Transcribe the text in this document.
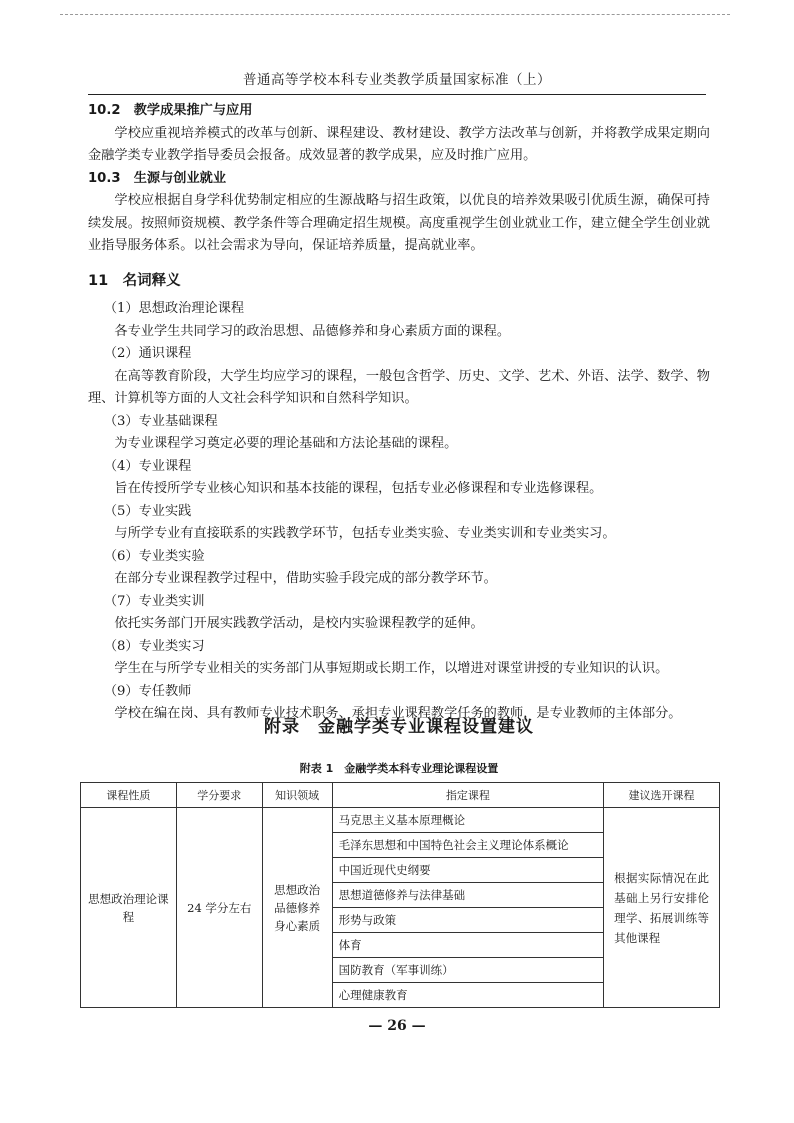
普通高等学校本科专业类教学质量国家标准（上）

10.2　教学成果推广与应用

学校应重视培养模式的改革与创新、课程建设、教材建设、教学方法改革与创新，并将教学成果定期向金融学类专业教学指导委员会报备。成效显著的教学成果，应及时推广应用。

10.3　生源与创业就业

学校应根据自身学科优势制定相应的生源战略与招生政策，以优良的培养效果吸引优质生源，确保可持续发展。按照师资规模、教学条件等合理确定招生规模。高度重视学生创业就业工作，建立健全学生创业就业指导服务体系。以社会需求为导向，保证培养质量，提高就业率。

11　名词释义

（1）思想政治理论课程

各专业学生共同学习的政治思想、品德修养和身心素质方面的课程。

（2）通识课程

在高等教育阶段，大学生均应学习的课程，一般包含哲学、历史、文学、艺术、外语、法学、数学、物理、计算机等方面的人文社会科学知识和自然科学知识。

（3）专业基础课程

为专业课程学习奠定必要的理论基础和方法论基础的课程。

（4）专业课程

旨在传授所学专业核心知识和基本技能的课程，包括专业必修课程和专业选修课程。

（5）专业实践

与所学专业有直接联系的实践教学环节，包括专业类实验、专业类实训和专业类实习。

（6）专业类实验

在部分专业课程教学过程中，借助实验手段完成的部分教学环节。

（7）专业类实训

依托实务部门开展实践教学活动，是校内实验课程教学的延伸。

（8）专业类实习

学生在与所学专业相关的实务部门从事短期或长期工作，以增进对课堂讲授的专业知识的认识。

（9）专任教师

学校在编在岗、具有教师专业技术职务、承担专业课程教学任务的教师，是专业教师的主体部分。

附录　金融学类专业课程设置建议
附表 1　金融学类本科专业理论课程设置
课程性质	学分要求	知识领域	指定课程	建议选开课程
思想政治理论课程	24 学分左右	思想政治品德修养身心素质	马克思主义基本原理概论	根据实际情况在此基础上另行安排伦理学、拓展训练等其他课程
			毛泽东思想和中国特色社会主义理论体系概论	
			中国近现代史纲要	
			思想道德修养与法律基础	
			形势与政策	
			体育	
			国防教育（军事训练）	
			心理健康教育	
— 26 —
